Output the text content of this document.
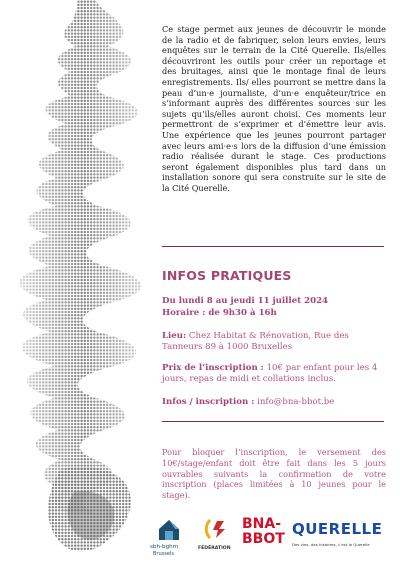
Ce stage permet aux jeunes de découvrir le monde de la radio et de fabriquer, selon leurs envies, leurs enquêtes sur le terrain de la Cité Querelle. Ils/elles découvriront les outils pour créer un reportage et des bruitages, ainsi que le montage final de leurs enregistrements. Ils/ elles pourront se mettre dans la peau d’un·e journaliste, d’un·e enquêteur/trice en s’informant auprès des différentes sources sur les sujets qu’ils/elles auront choisi. Ces moments leur permettront de s’exprimer et d’émettre leur avis. Une expérience que les jeunes pourront partager avec leurs ami·e·s lors de la diffusion d’une émission radio réalisée durant le stage. Ces productions seront également disponibles plus tard dans un installation sonore qui sera construite sur le site de la Cité Querelle.

INFOS PRATIQUES
Du lundi 8 au jeudi 11 juillet 2024
Horaire : de 9h30 à 16h
Lieu: Chez Habitat & Rénovation, Rue des Tanneurs 89 à 1000 Bruxelles
Prix de l’inscription : 10€ par enfant pour les 4 jours, repas de midi et collations inclus.
Infos / inscription : info@bna-bbot.be

Pour bloquer l’inscription, le versement des 10€/stage/enfant doit être fait dans les 5 jours ouvrables suivants la confirmation de votre inscription (places limitées à 10 jeunes pour le stage).

sbh-bghm
Brussels
FÉDÉRATION
BNA-
BBOT
QUERELLE
Des vies, des histoires, c’est la Querelle
